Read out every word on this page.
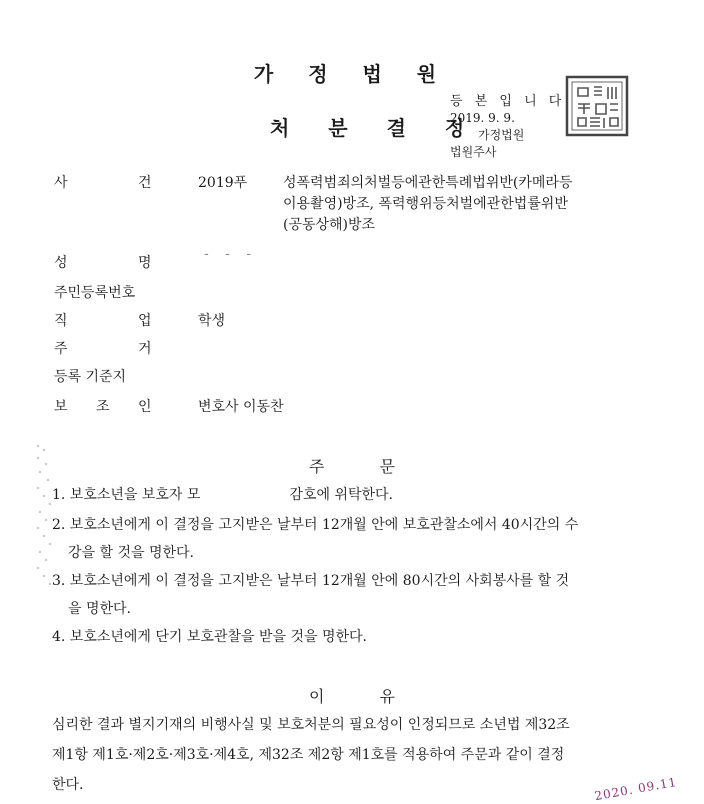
가 정 법 원
처 분 결 정
등 본 입 니 다
2019. 9. 9.
가정법원
법원주사
사	건	2019푸	성폭력범죄의처벌등에관한특례법위반(카메라등
이용촬영)방조, 폭력행위등처벌에관한법률위반
(공동상해)방조
성	명
- - -
주민등록번호
직	업	학생
주	거
등록 기준지
보 조 인	변호사 이동찬
주 문
1. 보호소년을 보호자 모                    감호에 위탁한다.
2. 보호소년에게 이 결정을 고지받은 날부터 12개월 안에 보호관찰소에서 40시간의 수
강을 할 것을 명한다.
3. 보호소년에게 이 결정을 고지받은 날부터 12개월 안에 80시간의 사회봉사를 할 것
을 명한다.
4. 보호소년에게 단기 보호관찰을 받을 것을 명한다.
이 유
심리한 결과 별지기재의 비행사실 및 보호처분의 필요성이 인정되므로 소년법 제32조
제1항 제1호·제2호·제3호·제4호, 제32조 제2항 제1호를 적용하여 주문과 같이 결정
한다.	2020. 09.11
